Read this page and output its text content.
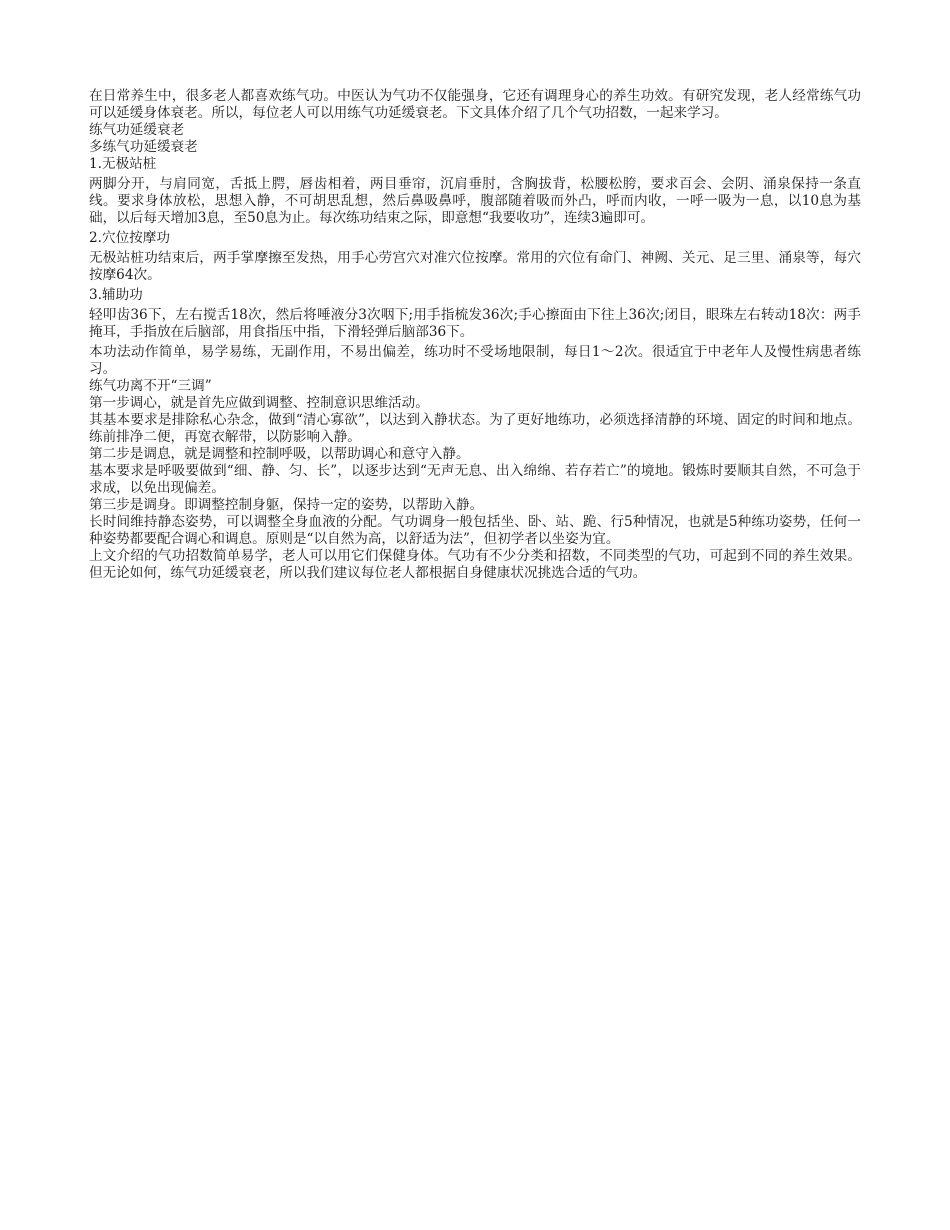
在日常养生中，很多老人都喜欢练气功。中医认为气功不仅能强身，它还有调理身心的养生功效。有研究发现，老人经常练气功可以延缓身体衰老。所以，每位老人可以用练气功延缓衰老。下文具体介绍了几个气功招数，一起来学习。

练气功延缓衰老

多练气功延缓衰老

1.无极站桩

两脚分开，与肩同宽，舌抵上腭，唇齿相着，两目垂帘，沉肩垂肘，含胸拔背，松腰松胯，要求百会、会阴、涌泉保持一条直线。要求身体放松，思想入静，不可胡思乱想，然后鼻吸鼻呼，腹部随着吸而外凸，呼而内收，一呼一吸为一息，以10息为基础，以后每天增加3息，至50息为止。每次练功结束之际，即意想“我要收功”，连续3遍即可。

2.穴位按摩功

无极站桩功结束后，两手掌摩擦至发热，用手心劳宫穴对准穴位按摩。常用的穴位有命门、神阙、关元、足三里、涌泉等，每穴按摩64次。

3.辅助功

轻叩齿36下，左右搅舌18次，然后将唾液分3次咽下;用手指梳发36次;手心擦面由下往上36次;闭目，眼珠左右转动18次：两手掩耳，手指放在后脑部，用食指压中指，下滑轻弹后脑部36下。

本功法动作简单，易学易练，无副作用，不易出偏差，练功时不受场地限制，每日1～2次。很适宜于中老年人及慢性病患者练习。

练气功离不开“三调”

第一步调心，就是首先应做到调整、控制意识思维活动。

其基本要求是排除私心杂念，做到“清心寡欲”，以达到入静状态。为了更好地练功，必须选择清静的环境、固定的时间和地点。练前排净二便，再宽衣解带，以防影响入静。

第二步是调息，就是调整和控制呼吸，以帮助调心和意守入静。

基本要求是呼吸要做到“细、静、匀、长”，以逐步达到“无声无息、出入绵绵、若存若亡”的境地。锻炼时要顺其自然，不可急于求成，以免出现偏差。

第三步是调身。即调整控制身躯，保持一定的姿势，以帮助入静。

长时间维持静态姿势，可以调整全身血液的分配。气功调身一般包括坐、卧、站、跪、行5种情况，也就是5种练功姿势，任何一种姿势都要配合调心和调息。原则是“以自然为高，以舒适为法”，但初学者以坐姿为宜。

上文介绍的气功招数简单易学，老人可以用它们保健身体。气功有不少分类和招数，不同类型的气功，可起到不同的养生效果。但无论如何，练气功延缓衰老，所以我们建议每位老人都根据自身健康状况挑选合适的气功。
